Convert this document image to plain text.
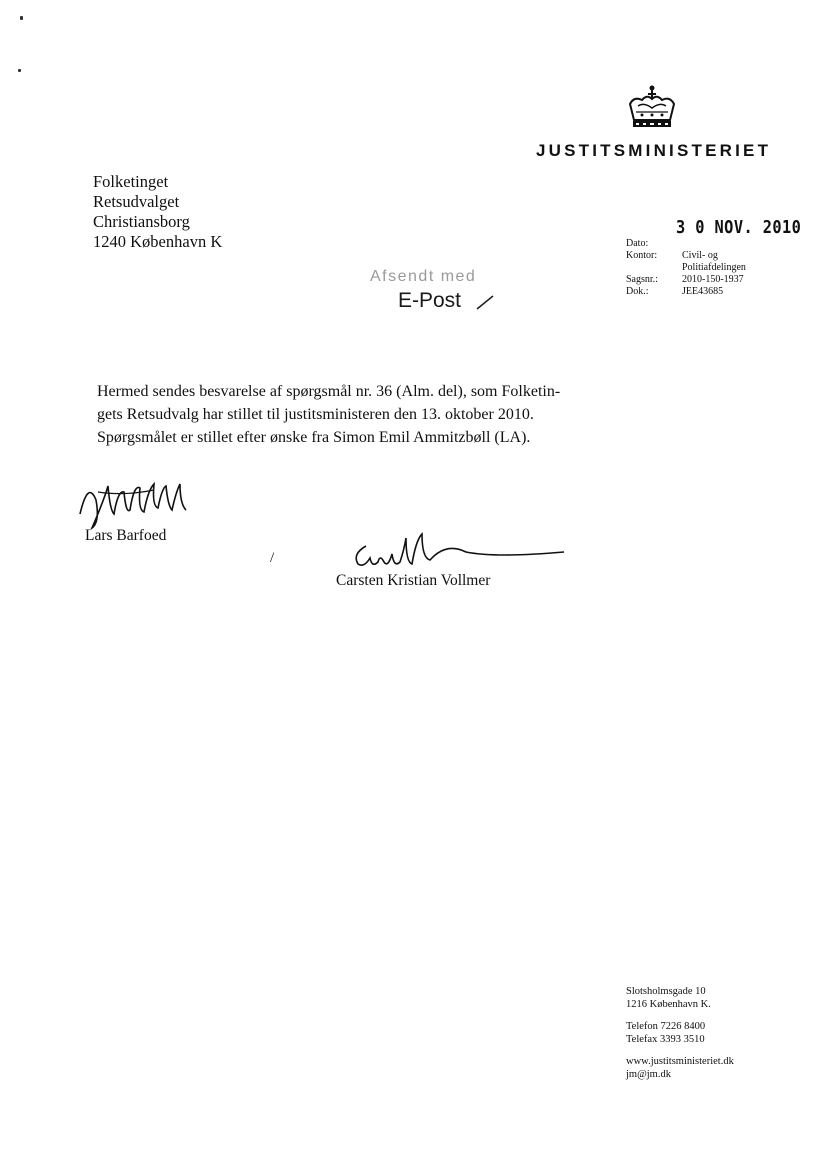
JUSTITSMINISTERIET
Folketinget
Retsudvalget
Christiansborg
1240 København K
3 0 NOV. 2010
Dato:
Kontor:	Civil- og Politiafdelingen
Sagsnr.:	2010-150-1937
Dok.:	JEE43685
Afsendt med
E-Post
Hermed sendes besvarelse af spørgsmål nr. 36 (Alm. del), som Folketin-
gets Retsudvalg har stillet til justitsministeren den 13. oktober 2010.
Spørgsmålet er stillet efter ønske fra Simon Emil Ammitzbøll (LA).
Lars Barfoed
/
Carsten Kristian Vollmer
Slotsholmsgade 10
1216 København K.
Telefon 7226 8400
Telefax 3393 3510
www.justitsministeriet.dk
jm@jm.dk
